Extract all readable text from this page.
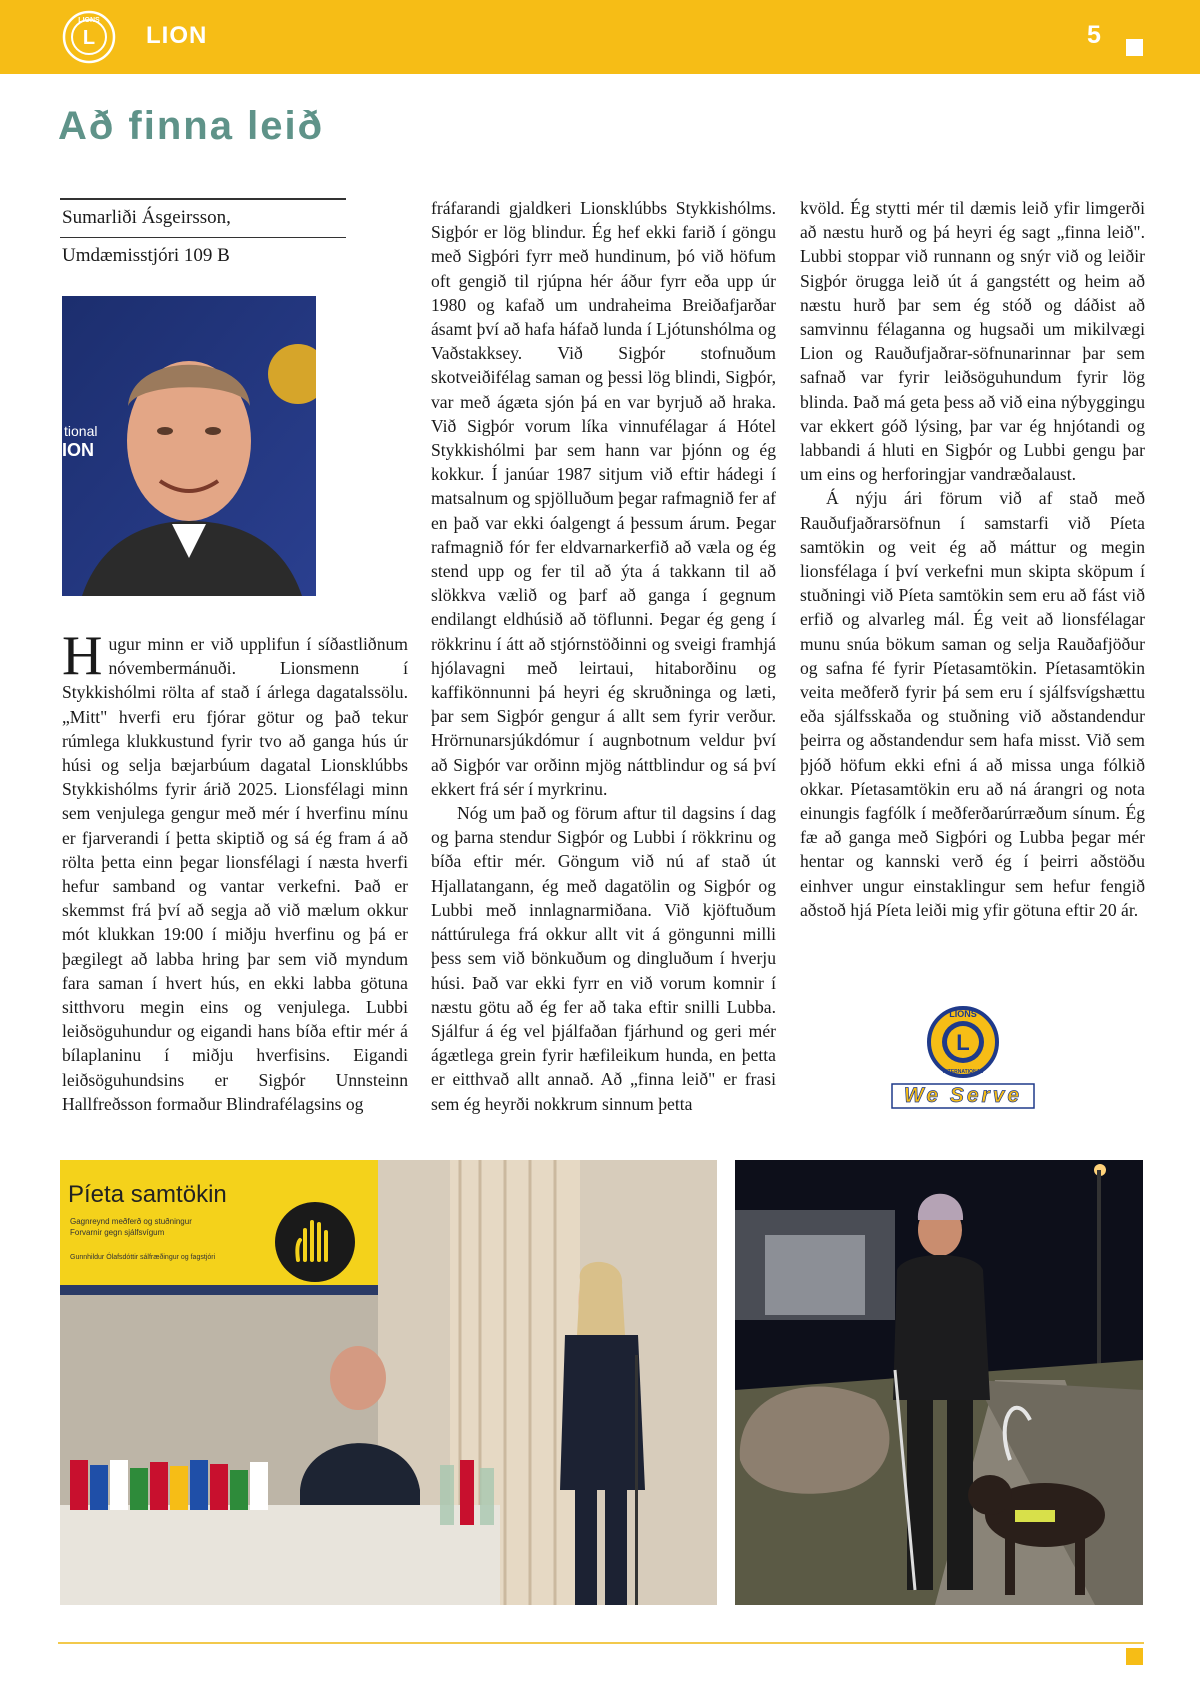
LIONS
L LION	5
Að finna leið
Sumarliði Ásgeirsson,
Umdæmisstjóri 109 B
tional
ION

Hugur minn er við upplifun í síðastliðnum nóvembermánuði. Lionsmenn í Stykkishólmi rölta af stað í árlega dagatalssölu. „Mitt" hverfi eru fjórar götur og það tekur rúmlega klukkustund fyrir tvo að ganga hús úr húsi og selja bæjarbúum dagatal Lionsklúbbs Stykkishólms fyrir árið 2025. Lionsfélagi minn sem venjulega gengur með mér í hverfinu mínu er fjarverandi í þetta skiptið og sá ég fram á að rölta þetta einn þegar lionsfélagi í næsta hverfi hefur samband og vantar verkefni. Það er skemmst frá því að segja að við mælum okkur mót klukkan 19:00 í miðju hverfinu og þá er þægilegt að labba hring þar sem við myndum fara saman í hvert hús, en ekki labba götuna sitthvoru megin eins og venjulega. Lubbi leiðsöguhundur og eigandi hans bíða eftir mér á bílaplaninu í miðju hverfisins. Eigandi leiðsöguhundsins er Sigþór Unnsteinn Hallfreðsson formaður Blindrafélagsins og

fráfarandi gjaldkeri Lionsklúbbs Stykkishólms. Sigþór er lög blindur. Ég hef ekki farið í göngu með Sigþóri fyrr með hundinum, þó við höfum oft gengið til rjúpna hér áður fyrr eða upp úr 1980 og kafað um undraheima Breiðafjarðar ásamt því að hafa háfað lunda í Ljótunshólma og Vaðstakksey. Við Sigþór stofnuðum skotveiðifélag saman og þessi lög blindi, Sigþór, var með ágæta sjón þá en var byrjuð að hraka. Við Sigþór vorum líka vinnufélagar á Hótel Stykkishólmi þar sem hann var þjónn og ég kokkur. Í janúar 1987 sitjum við eftir hádegi í matsalnum og spjölluðum þegar rafmagnið fer af en það var ekki óalgengt á þessum árum. Þegar rafmagnið fór fer eldvarnarkerfið að væla og ég stend upp og fer til að ýta á takkann til að slökkva vælið og þarf að ganga í gegnum endilangt eldhúsið að töflunni. Þegar ég geng í rökkrinu í átt að stjórnstöðinni og sveigi framhjá hjólavagni með leirtaui, hitaborðinu og kaffikönnunni þá heyri ég skruðninga og læti, þar sem Sigþór gengur á allt sem fyrir verður. Hrörnunarsjúkdómur í augnbotnum veldur því að Sigþór var orðinn mjög náttblindur og sá því ekkert frá sér í myrkrinu.

Nóg um það og förum aftur til dagsins í dag og þarna stendur Sigþór og Lubbi í rökkrinu og bíða eftir mér. Göngum við nú af stað út Hjallatangann, ég með dagatölin og Sigþór og Lubbi með innlagnarmiðana. Við kjöftuðum náttúrulega frá okkur allt vit á göngunni milli þess sem við bönkuðum og dingluðum í hverju húsi. Það var ekki fyrr en við vorum komnir í næstu götu að ég fer að taka eftir snilli Lubba. Sjálfur á ég vel þjálfaðan fjárhund og geri mér ágætlega grein fyrir hæfileikum hunda, en þetta er eitthvað allt annað. Að „finna leið" er frasi sem ég heyrði nokkrum sinnum þetta

kvöld. Ég stytti mér til dæmis leið yfir limgerði að næstu hurð og þá heyri ég sagt „finna leið". Lubbi stoppar við runnann og snýr við og leiðir Sigþór örugga leið út á gangstétt og heim að næstu hurð þar sem ég stóð og dáðist að samvinnu félaganna og hugsaði um mikilvægi Lion og Rauðufjaðrar-söfnunarinnar þar sem safnað var fyrir leiðsöguhundum fyrir lög blinda. Það má geta þess að við eina nýbyggingu var ekkert góð lýsing, þar var ég hnjótandi og labbandi á hluti en Sigþór og Lubbi gengu þar um eins og herforingjar vandræðalaust.

Á nýju ári förum við af stað með Rauðufjaðrarsöfnun í samstarfi við Píeta samtökin og veit ég að máttur og megin lionsfélaga í því verkefni mun skipta sköpum í stuðningi við Píeta samtökin sem eru að fást við erfið og alvarleg mál. Ég veit að lionsfélagar munu snúa bökum saman og selja Rauðafjöður og safna fé fyrir Píetasamtökin. Píetasamtökin veita meðferð fyrir þá sem eru í sjálfsvígshættu eða sjálfsskaða og stuðning við aðstandendur þeirra og aðstandendur sem hafa misst. Við sem þjóð höfum ekki efni á að missa unga fólkið okkar. Píetasamtökin eru að ná árangri og nota einungis fagfólk í meðferðarúrræðum sínum. Ég fæ að ganga með Sigþóri og Lubba þegar mér hentar og kannski verð ég í þeirri aðstöðu einhver ungur einstaklingur sem hefur fengið aðstoð hjá Píeta leiði mig yfir götuna eftir 20 ár.

L
LIONS
INTERNATIONAL
We Serve
Píeta samtökin
Gagnreynd meðferð og stuðningur
Forvarnir gegn sjálfsvígum
Gunnhildur Ólafsdóttir sálfræðingur og fagstjóri
